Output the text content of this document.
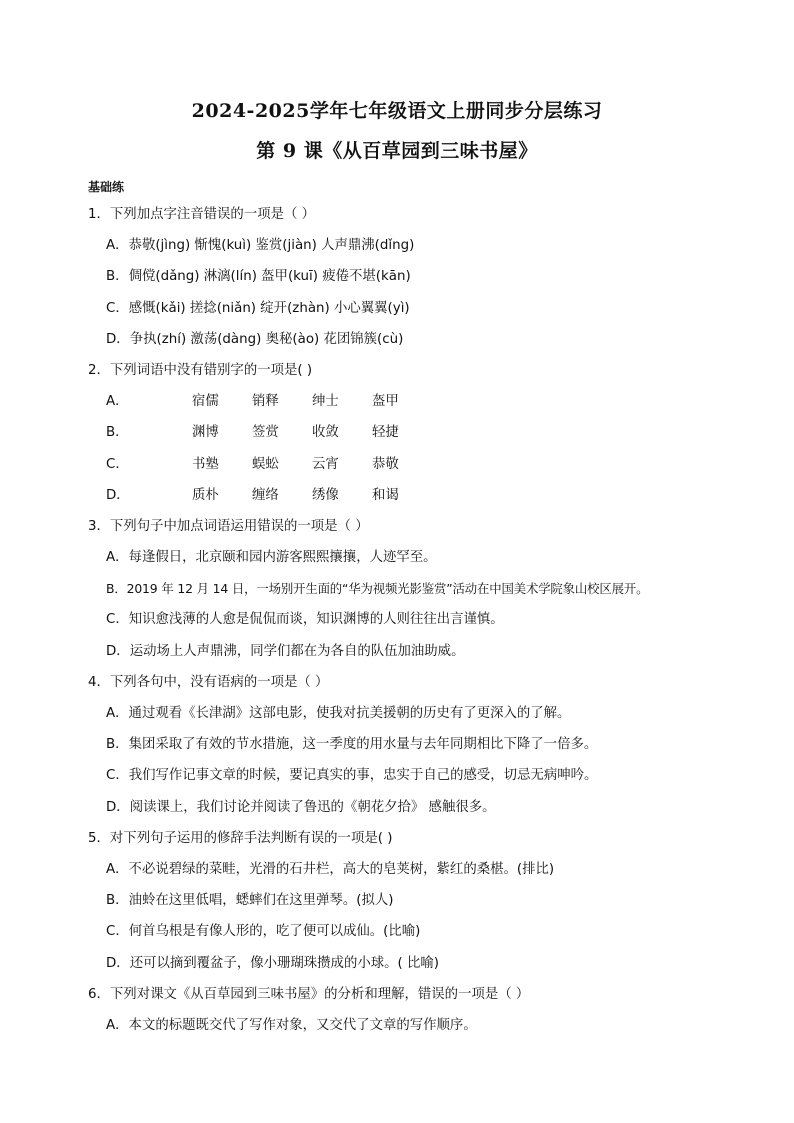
2024-2025学年七年级语文上册同步分层练习
第 9 课《从百草园到三味书屋》
基础练
1．下列加点字注音错误的一项是（ ）
A．恭敬(jìng) 惭愧(kuì) 鉴赏(jiàn) 人声鼎沸(dǐng)
B．倜傥(dǎng) 淋漓(lín) 盔甲(kuī) 疲倦不堪(kān)
C．感慨(kǎi) 搓捻(niǎn) 绽开(zhàn) 小心翼翼(yì)
D．争执(zhí) 激荡(dàng) 奥秘(ào) 花团锦簇(cù)
2．下列词语中没有错别字的一项是( )
A．	宿儒	销释	绅士	盔甲
B．	渊博	签赏	收敛	轻捷
C．	书塾	蜈蚣	云宵	恭敬
D．	质朴	缠络	绣像	和谒
3．下列句子中加点词语运用错误的一项是（ ）
A．每逢假日，北京颐和园内游客熙熙攘攘，人迹罕至。
B．2019 年 12 月 14 日，一场别开生面的“华为视频光影鉴赏”活动在中国美术学院象山校区展开。
C．知识愈浅薄的人愈是侃侃而谈，知识渊博的人则往往出言谨慎。
D．运动场上人声鼎沸，同学们都在为各自的队伍加油助威。
4．下列各句中，没有语病的一项是（ ）
A．通过观看《长津湖》这部电影，使我对抗美援朝的历史有了更深入的了解。
B．集团采取了有效的节水措施，这一季度的用水量与去年同期相比下降了一倍多。
C．我们写作记事文章的时候，要记真实的事，忠实于自己的感受，切忌无病呻吟。
D．阅读课上，我们讨论并阅读了鲁迅的《朝花夕拾》 感触很多。
5．对下列句子运用的修辞手法判断有误的一项是( )
A．不必说碧绿的菜畦，光滑的石井栏，高大的皂荚树，紫红的桑椹。(排比)
B．油蛉在这里低唱，蟋蟀们在这里弹琴。(拟人)
C．何首乌根是有像人形的，吃了便可以成仙。(比喻)
D．还可以摘到覆盆子，像小珊瑚珠攒成的小球。( 比喻)
6．下列对课文《从百草园到三味书屋》的分析和理解，错误的一项是（ ）
A．本文的标题既交代了写作对象，又交代了文章的写作顺序。
